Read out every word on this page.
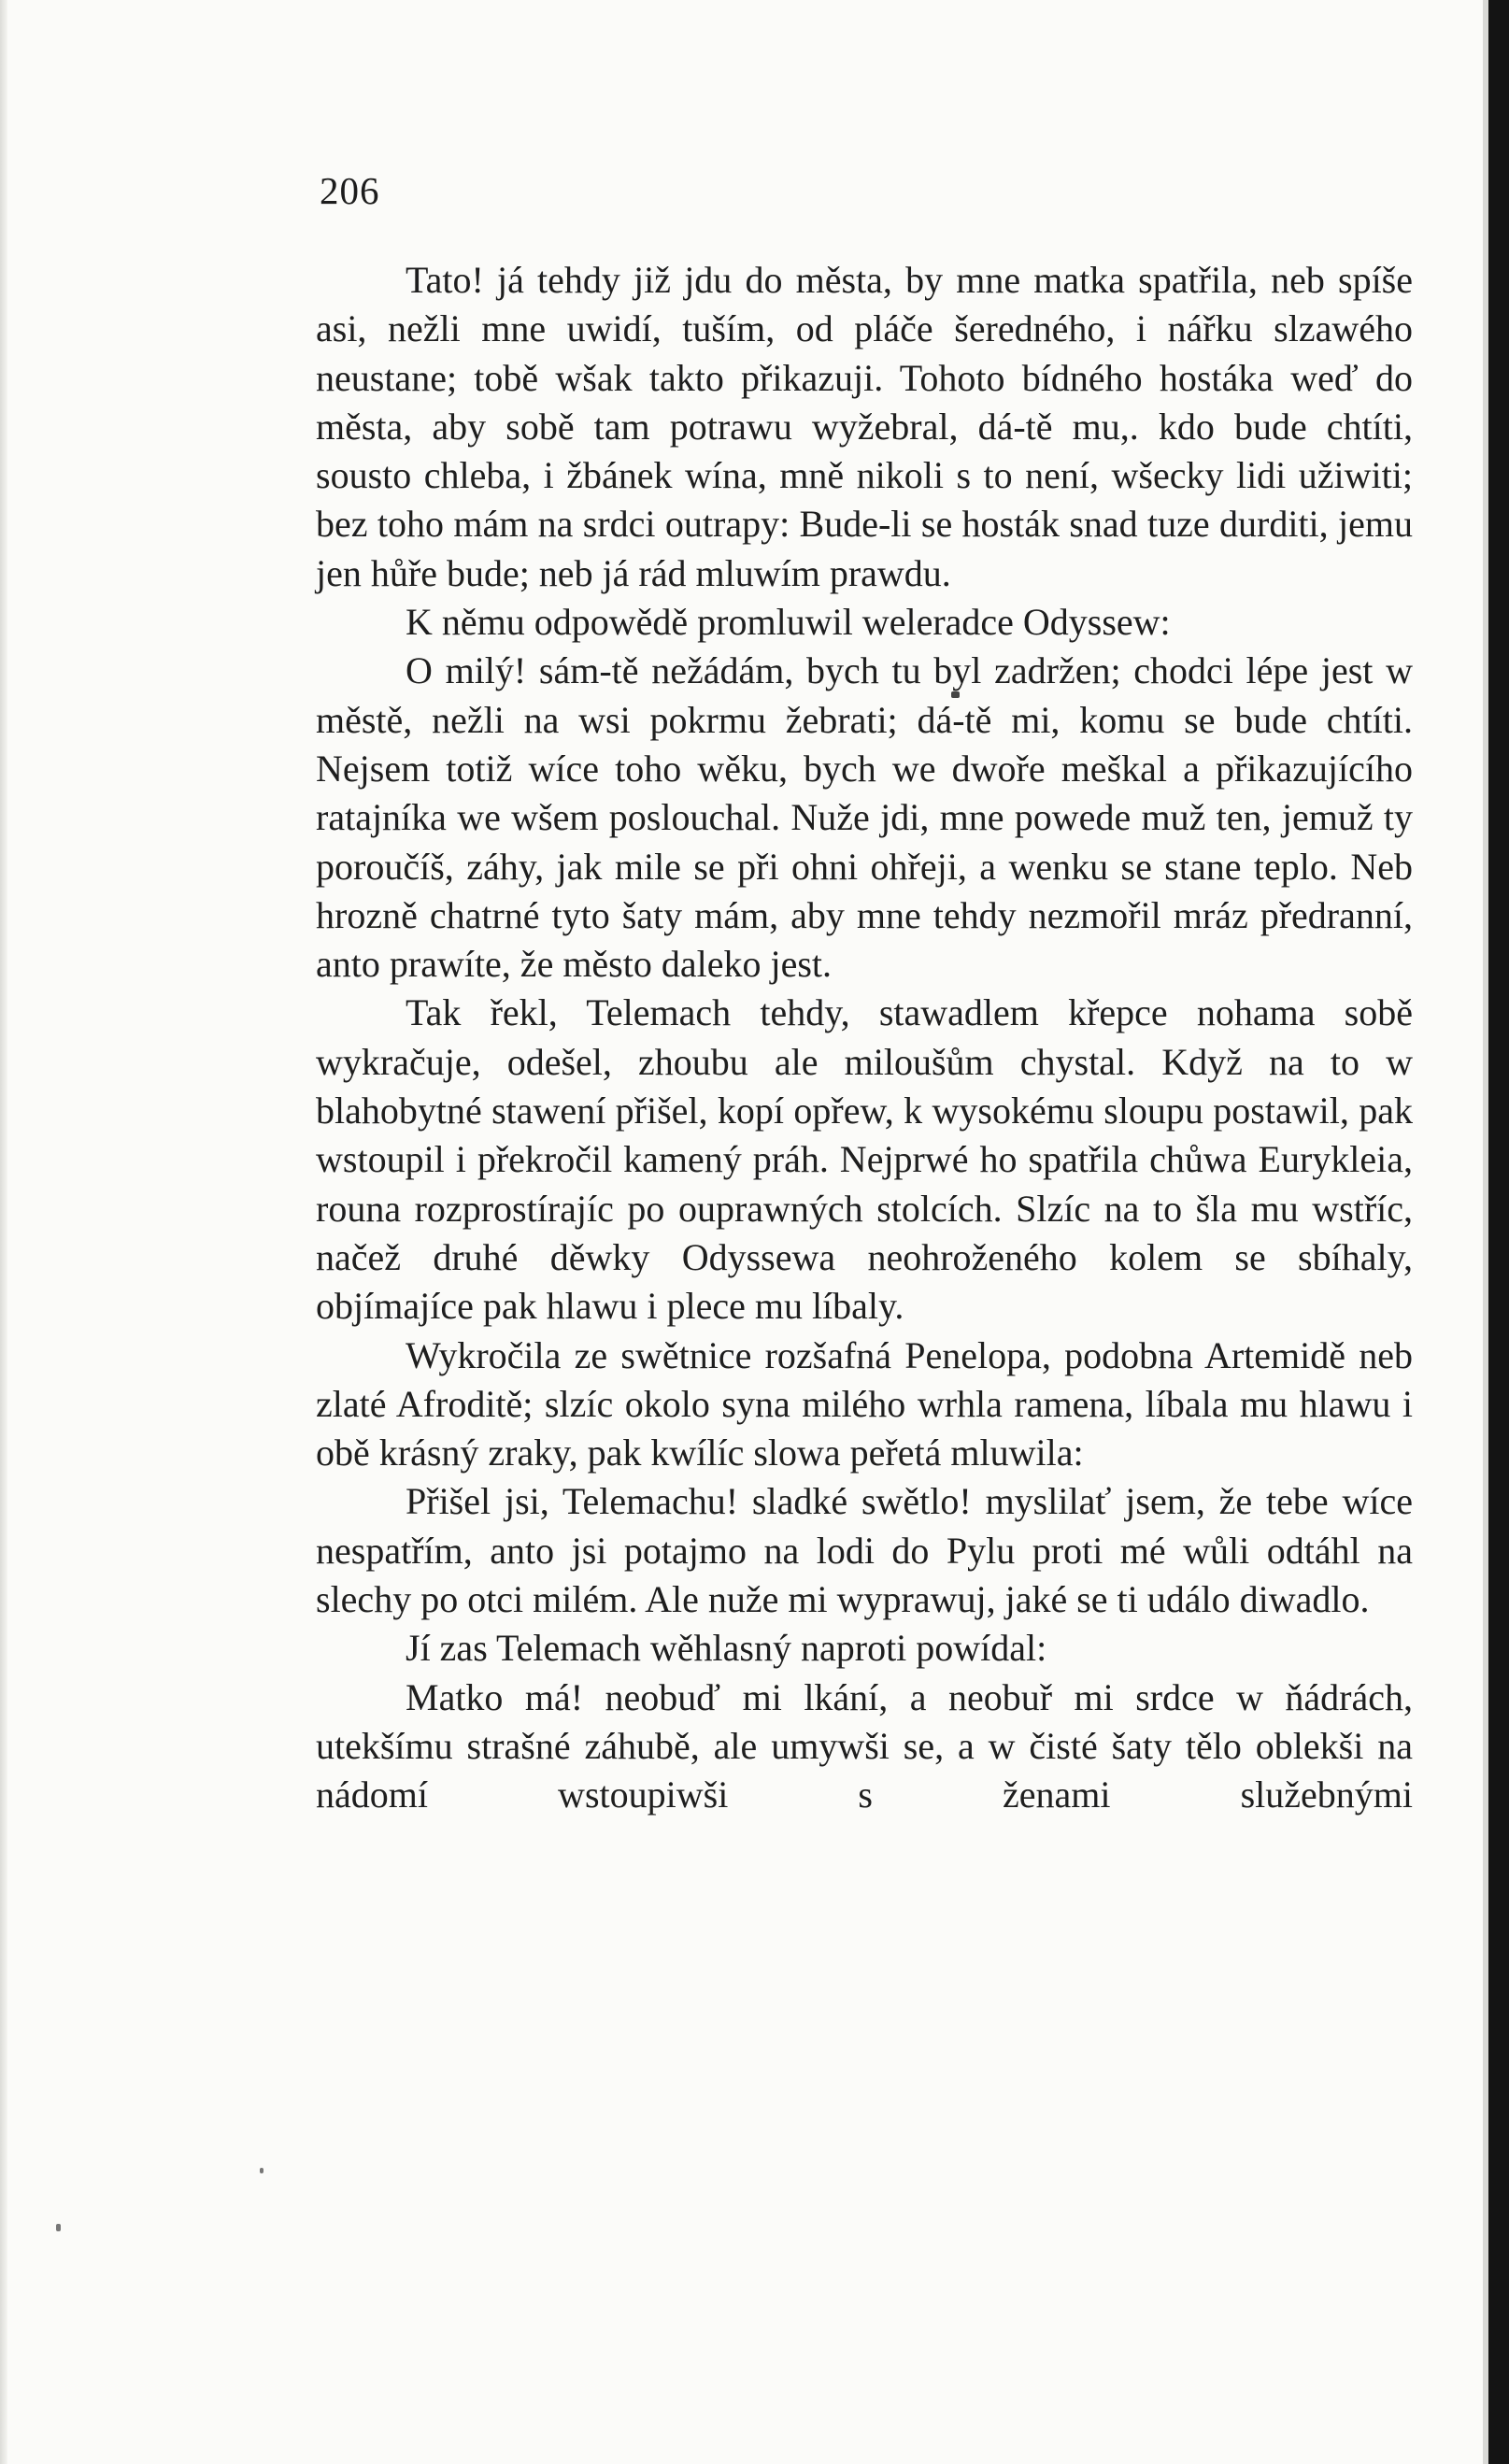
206

Tato! já tehdy již jdu do města, by mne matka spatřila, neb spíše asi, nežli mne uwidí, tuším, od pláče šeredného, i nářku slzawého neustane; tobě wšak takto přikazuji. Tohoto bídného hostáka weď do města, aby sobě tam potrawu wyžebral, dá-tě mu,. kdo bude chtíti, sousto chleba, i žbánek wína, mně nikoli s to není, wšecky lidi užiwiti; bez toho mám na srdci outrapy: Bude-li se hosták snad tuze durditi, jemu jen hůře bude; neb já rád mluwím prawdu.

K němu odpowědě promluwil weleradce Odyssew:

O milý! sám-tě nežádám, bych tu byl zadržen; chodci lépe jest w městě, nežli na wsi pokrmu žebrati; dá-tě mi, komu se bude chtíti. Nejsem totiž wíce toho wěku, bych we dwoře meškal a přikazujícího ratajníka we wšem poslouchal. Nuže jdi, mne powede muž ten, jemuž ty poroučíš, záhy, jak mile se při ohni ohřeji, a wenku se stane teplo. Neb hrozně chatrné tyto šaty mám, aby mne tehdy nezmořil mráz předranní, anto prawíte, že město daleko jest.

Tak řekl, Telemach tehdy, stawadlem křepce nohama sobě wykračuje, odešel, zhoubu ale miloušům chystal. Když na to w blahobytné stawení přišel, kopí opřew, k wysokému sloupu postawil, pak wstoupil i překročil kamený práh. Nejprwé ho spatřila chůwa Eurykleia, rouna rozprostírajíc po ouprawných stolcích. Slzíc na to šla mu wstříc, načež druhé děwky Odyssewa neohroženého kolem se sbíhaly, objímajíce pak hlawu i plece mu líbaly.

Wykročila ze swětnice rozšafná Penelopa, podobna Artemidě neb zlaté Afroditě; slzíc okolo syna milého wrhla ramena, líbala mu hlawu i obě krásný zraky, pak kwílíc slowa peřetá mluwila:

Přišel jsi, Telemachu! sladké swětlo! myslilať jsem, že tebe wíce nespatřím, anto jsi potajmo na lodi do Pylu proti mé wůli odtáhl na slechy po otci milém. Ale nuže mi wyprawuj, jaké se ti událo diwadlo.

Jí zas Telemach wěhlasný naproti powídal:

Matko má! neobuď mi lkání, a neobuř mi srdce w ňádrách, utekšímu strašné záhubě, ale umywši se, a w čisté šaty tělo oblekši na nádomí wstoupiwši s ženami služebnými
